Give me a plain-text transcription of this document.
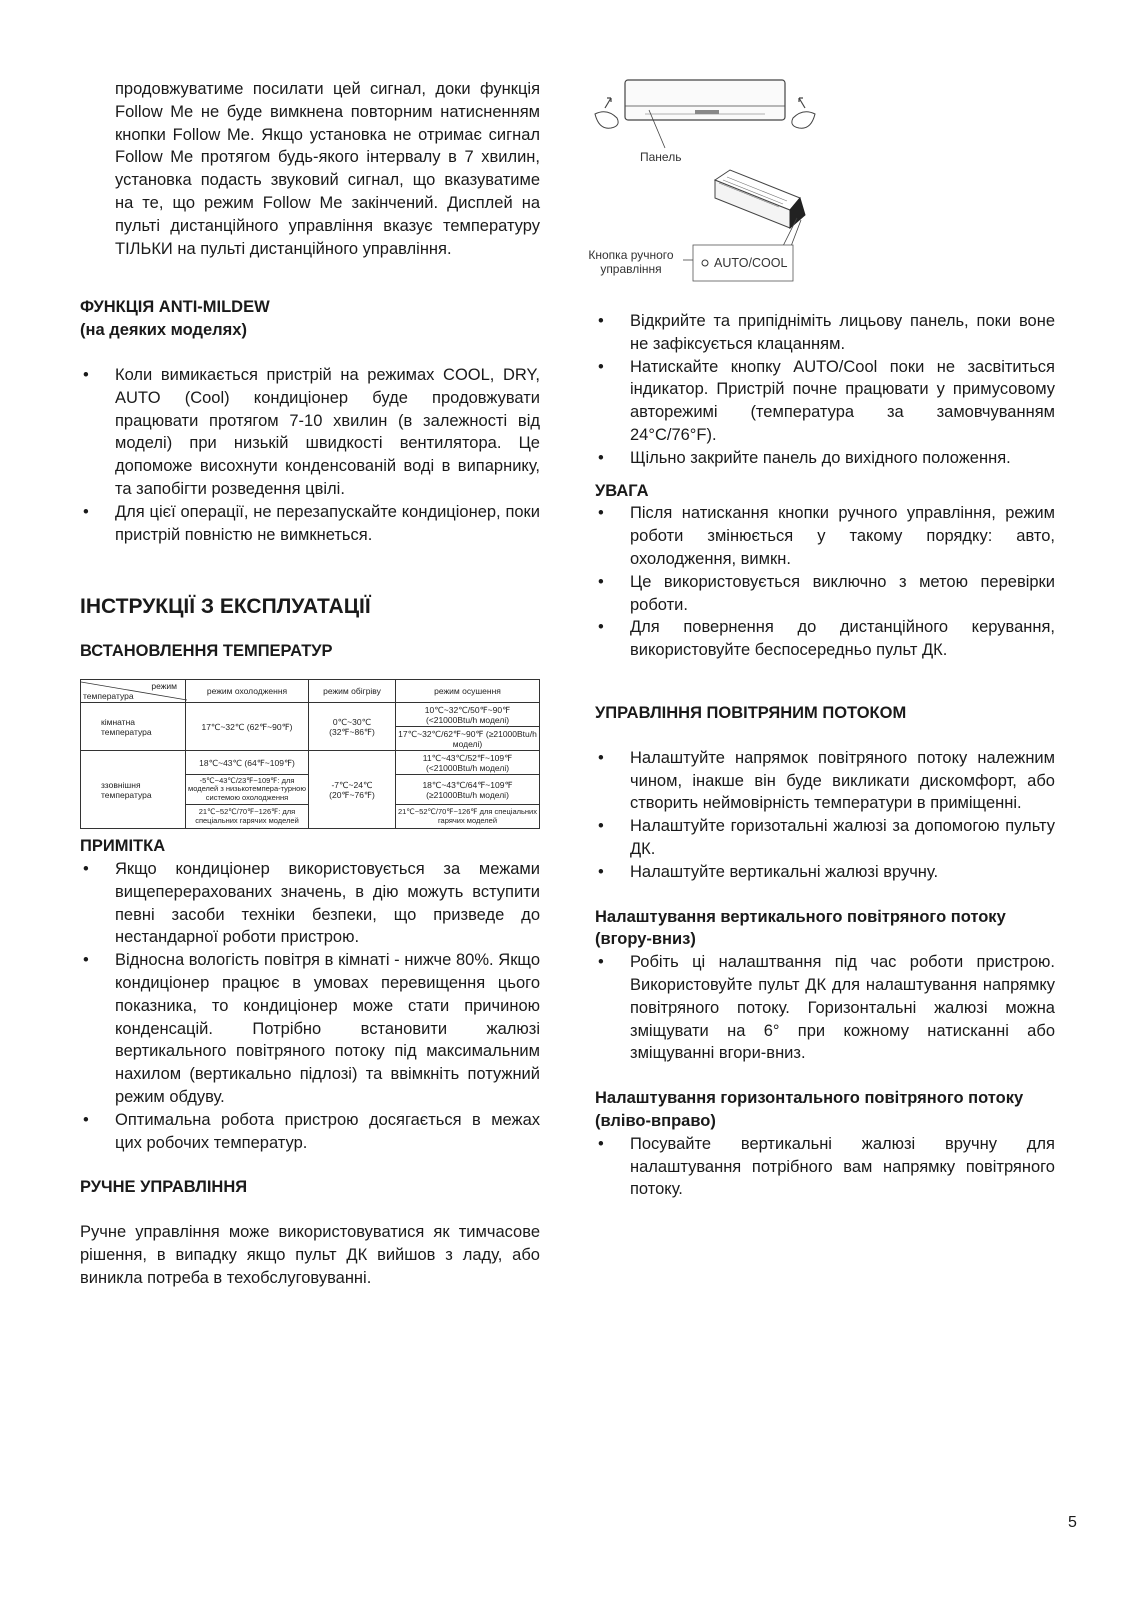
продовжуватиме посилати цей сигнал, доки функція Follow Me не буде вимкнена повторним натисненням кнопки Follow Me. Якщо установка не отримає сигнал Follow Me протягом будь-якого інтервалу в 7 хвилин, установка подасть звуковий сигнал, що вказуватиме на те, що режим Follow Me закінчений. Дисплей на пульті дистанційного управління вказує температуру ТІЛЬКИ на пульті дистанційного управління.

ФУНКЦІЯ ANTI-MILDEW
(на деяких моделях)
• Коли вимикається пристрій на режимах COOL, DRY, AUTO (Cool) кондиціонер буде продовжувати працювати протягом 7-10 хвилин (в залежності від моделі) при низькій швидкості вентилятора. Це допоможе висохнути конденсованій воді в випарнику, та запобігти розведення цвілі.
• Для цієї операції, не перезапускайте кондиціонер, поки пристрій повністю не вимкнеться.
ІНСТРУКЦІЇ З ЕКСПЛУАТАЦІЇ
ВСТАНОВЛЕННЯ ТЕМПЕРАТУР
режим
температура	режим охолодження	режим обігріву	режим осушення
кімнатна температура	17℃~32℃ (62℉~90℉)	0℃~30℃ (32℉~86℉)	10℃~32℃/50℉~90℉ (<21000Btu/h моделі)
			17℃~32℃/62℉~90℉ (≥21000Btu/h моделі)
ззовнішня температура	18℃~43℃ (64℉~109℉)	-7℃~24℃ (20℉~76℉)	11℃~43℃/52℉~109℉ (<21000Btu/h моделі)
	-5℃~43℃/23℉~109℉: для моделей з низькотемпера-турною системою охолодження		18℃~43℃/64℉~109℉ (≥21000Btu/h моделі)
	21℃~52℃/70℉~126℉: для спеціальних гарячих моделей		21℃~52℃/70℉~126℉ для спеціальних гарячих моделей
ПРИМІТКА
• Якщо кондиціонер використовується за межами вищеперерахованих значень, в дію можуть вступити певні засоби техніки безпеки, що призведе до нестандарної роботи пристрою.
• Відносна вологість повітря в кімнаті - нижче 80%. Якщо кондиціонер працює в умовах перевищення цього показника, то кондиціонер може стати причиною конденсацій. Потрібно встановити жалюзі вертикального повітряного потоку під максимальним нахилом (вертикально підлозі) та ввімкніть потужний режим обдуву.
• Оптимальна робота пристрою досягається в межах цих робочих температур.
РУЧНЕ УПРАВЛІННЯ

Ручне управління може використовуватися як тимчасове рішення, в випадку якщо пульт ДК вийшов з ладу, або виникла потреба в техобслуговуванні.

Панель
Кнопка ручного управління	AUTO/COOL
• Відкрийте та припідніміть лицьову панель, поки воне не зафіксується клацанням.
• Натискайте кнопку AUTO/Cool поки не засвітиться індикатор. Пристрій почне працювати у примусовому авторежимі (температура за замовчуванням 24°C/76°F).
• Щільно закрийте панель до вихідного положення.
УВАГА
• Після натискання кнопки ручного управління, режим роботи змінюється у такому порядку: авто, охолодження, вимкн.
• Це використовується виключно з метою перевірки роботи.
• Для повернення до дистанційного керування, використовуйте беспосередньо пульт ДК.
УПРАВЛІННЯ ПОВІТРЯНИМ ПОТОКОМ
• Налаштуйте напрямок повітряного потоку належним чином, інакше він буде викликати дискомфорт, або створить неймовірність температури в приміщенні.
• Налаштуйте горизотальні жалюзі за допомогою пульту ДК.
• Налаштуйте вертикальні жалюзі вручну.
Налаштування вертикального повітряного потоку (вгору-вниз)
• Робіть ці налаштвання під час роботи пристрою. Використовуйте пульт ДК для налаштування напрямку повітряного потоку. Горизонтальні жалюзі можна зміщувати на 6° при кожному натисканні або зміщуванні вгори-вниз.
Налаштування горизонтального повітряного потоку (вліво-вправо)
• Посувайте вертикальні жалюзі вручну для налаштування потрібного вам напрямку повітряного потоку.
5
